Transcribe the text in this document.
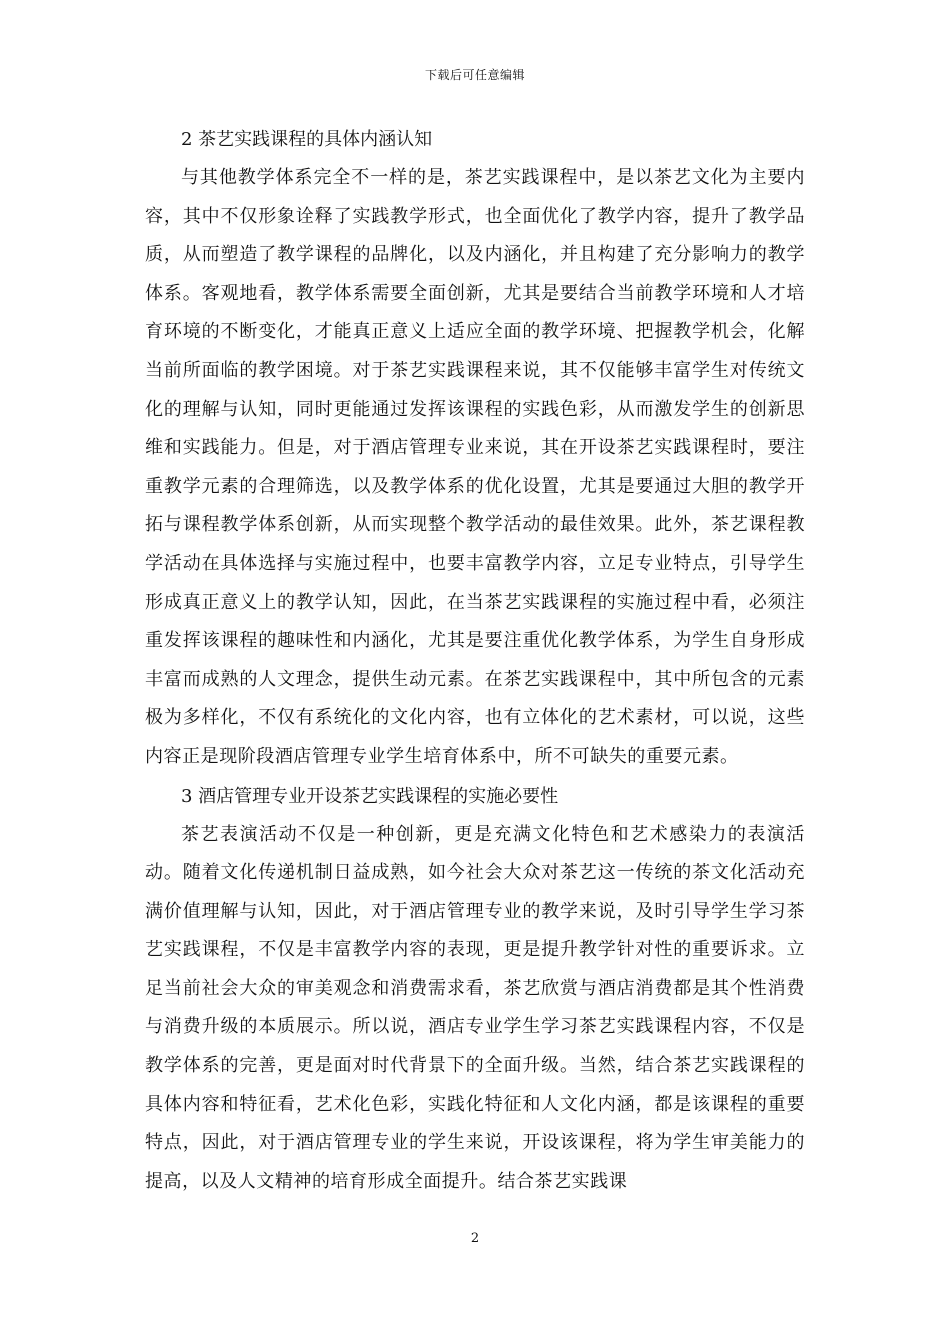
下载后可任意编辑

2 茶艺实践课程的具体内涵认知

与其他教学体系完全不一样的是，茶艺实践课程中，是以茶艺文化为主要内容，其中不仅形象诠释了实践教学形式，也全面优化了教学内容，提升了教学品质，从而塑造了教学课程的品牌化，以及内涵化，并且构建了充分影响力的教学体系。客观地看，教学体系需要全面创新，尤其是要结合当前教学环境和人才培育环境的不断变化，才能真正意义上适应全面的教学环境、把握教学机会，化解当前所面临的教学困境。对于茶艺实践课程来说，其不仅能够丰富学生对传统文化的理解与认知，同时更能通过发挥该课程的实践色彩，从而激发学生的创新思维和实践能力。但是，对于酒店管理专业来说，其在开设茶艺实践课程时，要注重教学元素的合理筛选，以及教学体系的优化设置，尤其是要通过大胆的教学开拓与课程教学体系创新，从而实现整个教学活动的最佳效果。此外，茶艺课程教学活动在具体选择与实施过程中，也要丰富教学内容，立足专业特点，引导学生形成真正意义上的教学认知，因此，在当茶艺实践课程的实施过程中看，必须注重发挥该课程的趣味性和内涵化，尤其是要注重优化教学体系，为学生自身形成丰富而成熟的人文理念，提供生动元素。在茶艺实践课程中，其中所包含的元素极为多样化，不仅有系统化的文化内容，也有立体化的艺术素材，可以说，这些内容正是现阶段酒店管理专业学生培育体系中，所不可缺失的重要元素。

3 酒店管理专业开设茶艺实践课程的实施必要性

茶艺表演活动不仅是一种创新，更是充满文化特色和艺术感染力的表演活动。随着文化传递机制日益成熟，如今社会大众对茶艺这一传统的茶文化活动充满价值理解与认知，因此，对于酒店管理专业的教学来说，及时引导学生学习茶艺实践课程，不仅是丰富教学内容的表现，更是提升教学针对性的重要诉求。立足当前社会大众的审美观念和消费需求看，茶艺欣赏与酒店消费都是其个性消费与消费升级的本质展示。所以说，酒店专业学生学习茶艺实践课程内容，不仅是教学体系的完善，更是面对时代背景下的全面升级。当然，结合茶艺实践课程的具体内容和特征看，艺术化色彩，实践化特征和人文化内涵，都是该课程的重要特点，因此，对于酒店管理专业的学生来说，开设该课程，将为学生审美能力的提高，以及人文精神的培育形成全面提升。结合茶艺实践课

2
